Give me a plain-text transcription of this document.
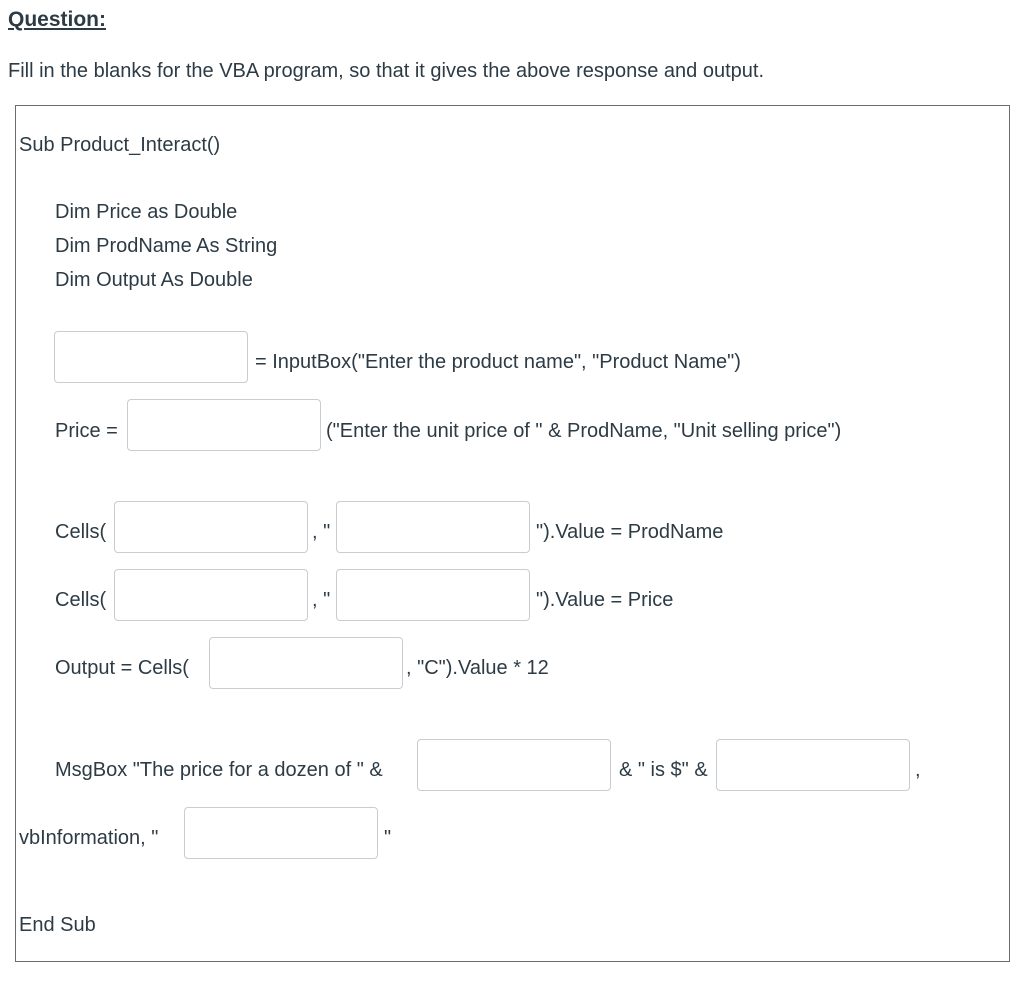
Question:
Fill in the blanks for the VBA program, so that it gives the above response and output.
Sub Product_Interact()
Dim Price as Double
Dim ProdName As String
Dim Output As Double
= InputBox("Enter the product name", "Product Name")
Price =	("Enter the unit price of " & ProdName, "Unit selling price")
Cells(	, "	").Value = ProdName
Cells(	, "	").Value = Price
Output = Cells(	, "C").Value * 12
MsgBox "The price for a dozen of " &	& " is $" &	,
vbInformation, "	"
End Sub
